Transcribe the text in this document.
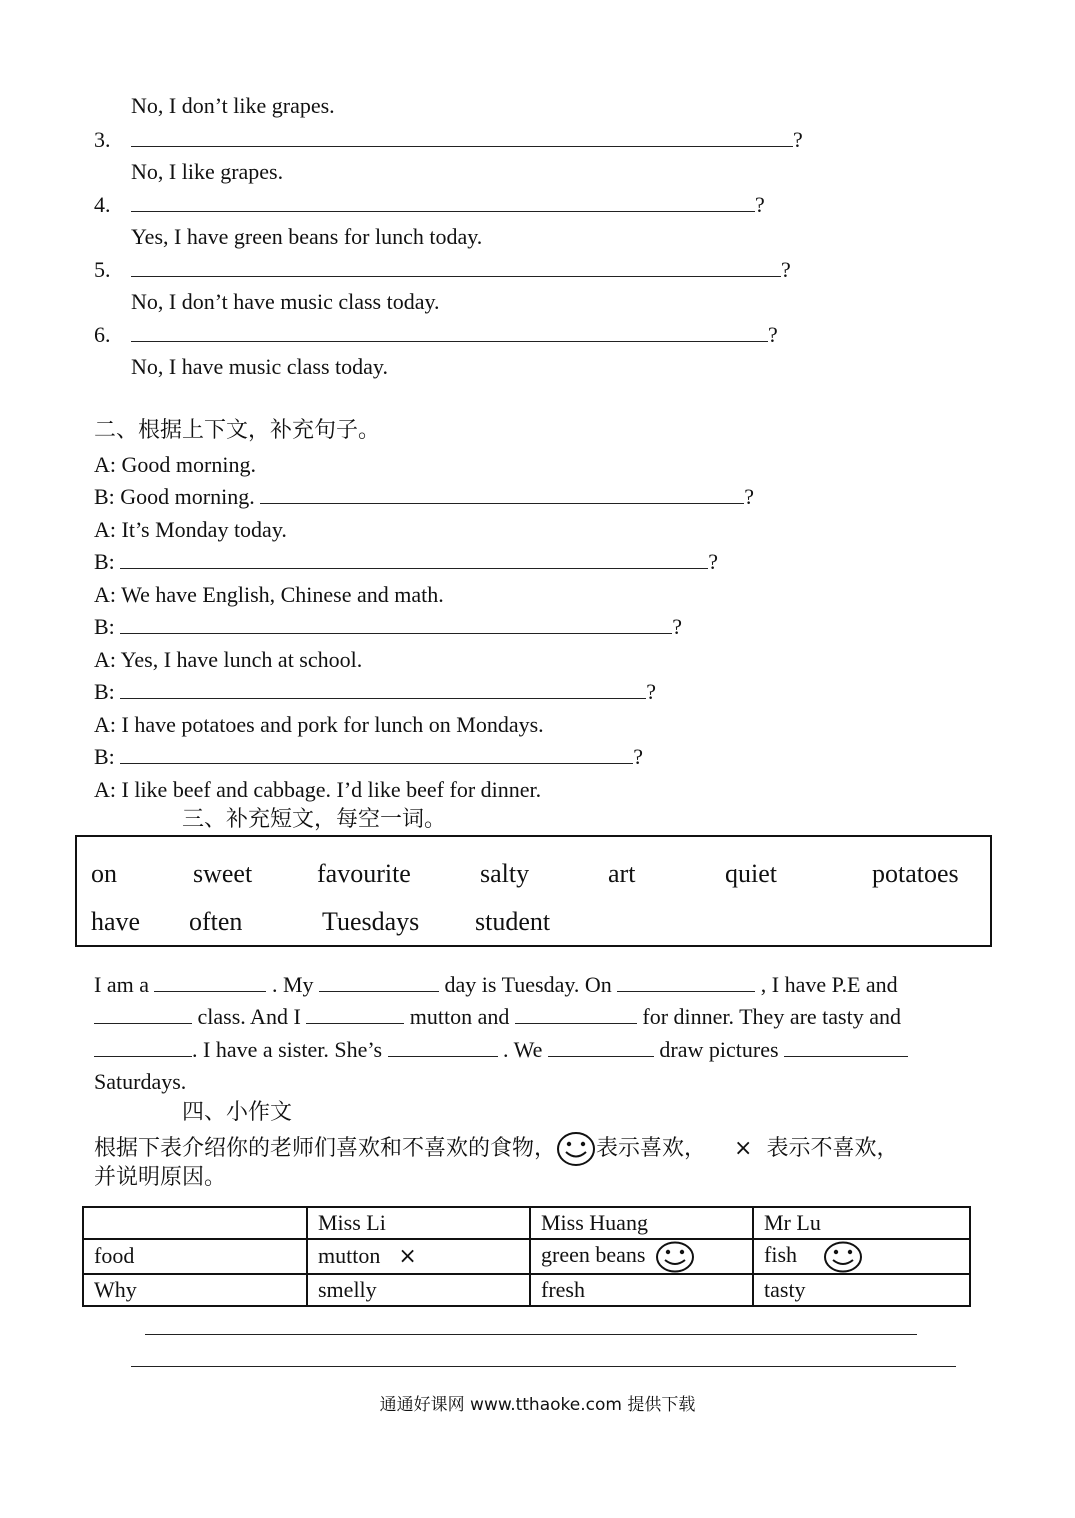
No, I don’t like grapes.
3.	?
No, I like grapes.
4.	?
Yes, I have green beans for lunch today.
5.	?
No, I don’t have music class today.
6.	?
No, I have music class today.
二、根据上下文，补充句子。
A: Good morning.
B: Good morning.	?
A: It’s Monday today.
B:	?
A: We have English, Chinese and math.
B:	?
A: Yes, I have lunch at school.
B:	?
A: I have potatoes and pork for lunch on Mondays.
B:	?
A: I like beef and cabbage. I’d like beef for dinner.
三、补充短文，每空一词。
on	sweet favourite	salty	art	quiet	potatoes
have often	Tuesdays student
I am a	. My	day is Tuesday. On	, I have P.E and
class. And I	mutton and	for dinner. They are tasty and
. I have a sister. She’s	. We	draw pictures
Saturdays.
四、小作文
根据下表介绍你的老师们喜欢和不喜欢的食物， 表示喜欢， × 表示不喜欢，
并说明原因。
	Miss Li	Miss Huang	Mr Lu
food	mutton ×	green beans	fish
Why	smelly	fresh	tasty
通通好课网 www.tthaoke.com 提供下载
